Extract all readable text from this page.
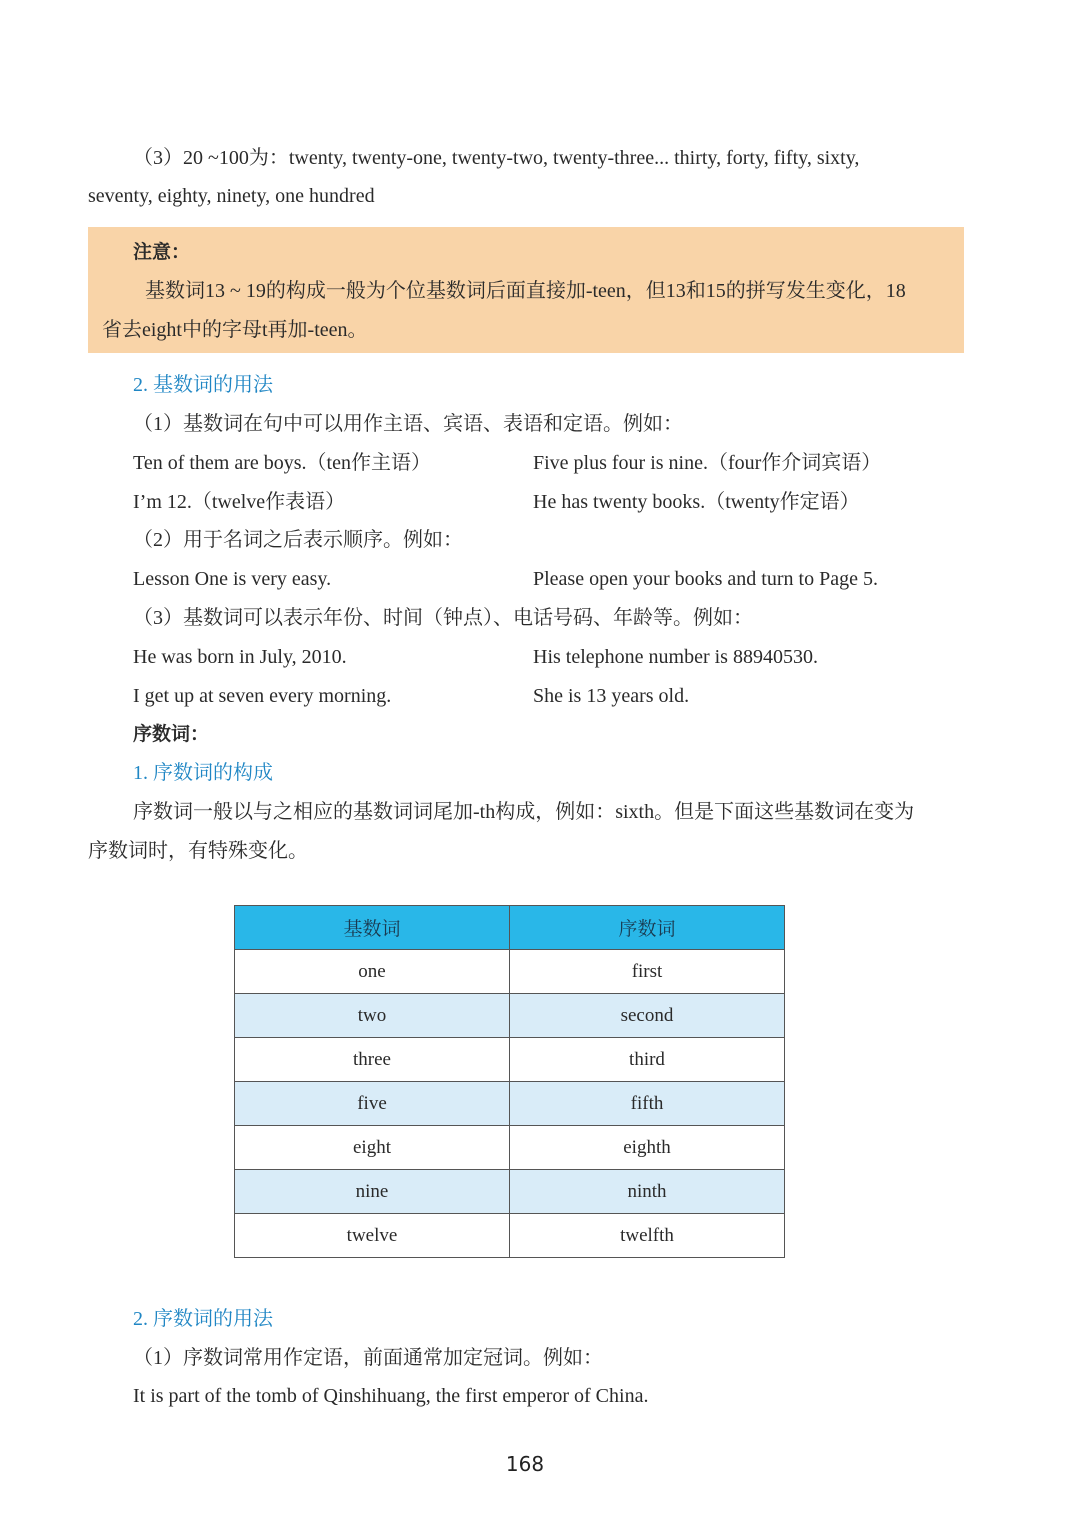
（3）20 ~100为：twenty, twenty-one, twenty-two, twenty-three... thirty, forty, fifty, sixty,
seventy, eighty, ninety, one hundred
注意：
基数词13 ~ 19的构成一般为个位基数词后面直接加-teen，但13和15的拼写发生变化，18
省去eight中的字母t再加-teen。
2. 基数词的用法
（1）基数词在句中可以用作主语、宾语、表语和定语。例如：
Ten of them are boys.（ten作主语）	Five plus four is nine.（four作介词宾语）
I’m 12.（twelve作表语）	He has twenty books.（twenty作定语）
（2）用于名词之后表示顺序。例如：
Lesson One is very easy.	Please open your books and turn to Page 5.
（3）基数词可以表示年份、时间（钟点）、电话号码、年龄等。例如：
He was born in July, 2010.	His telephone number is 88940530.
I get up at seven every morning.	She is 13 years old.
序数词：
1. 序数词的构成
序数词一般以与之相应的基数词词尾加-th构成，例如：sixth。但是下面这些基数词在变为
序数词时，有特殊变化。
基数词	序数词
one	first
two	second
three	third
five	fifth
eight	eighth
nine	ninth
twelve	twelfth
2. 序数词的用法
（1）序数词常用作定语，前面通常加定冠词。例如：
It is part of the tomb of Qinshihuang, the first emperor of China.
168
